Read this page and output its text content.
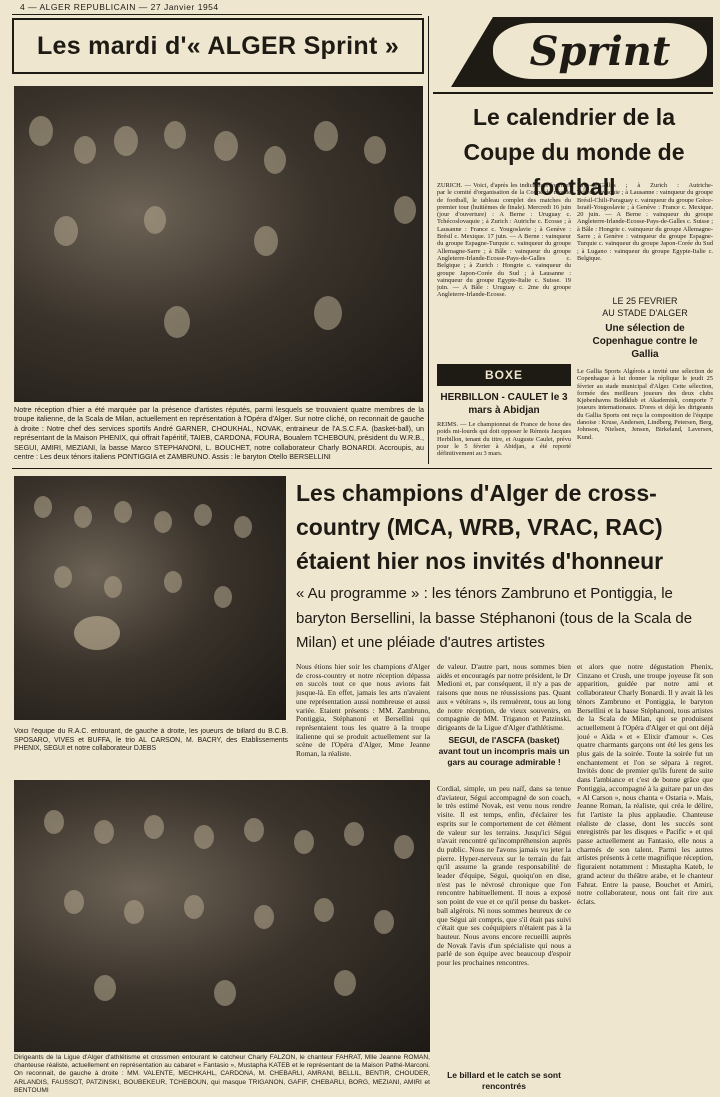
4 — ALGER REPUBLICAIN — 27 Janvier 1954
Les mardi d'« ALGER Sprint »
Notre réception d'hier a été marquée par la présence d'artistes réputés, parmi lesquels se trouvaient quatre membres de la troupe italienne, de la Scala de Milan, actuellement en représentation à l'Opéra d'Alger. Sur notre cliché, on reconnait de gauche à droite : Notre chef des services sportifs André GARNER, CHOUKHAL, NOVAK, entraineur de l'A.S.C.F.A. (basket-ball), un représentant de la Maison PHENIX, qui offrait l'apéritif, TAIEB, CARDONA, FOURA, Boualem TCHEBOUN, président du W.R.B., SEGUI, AMIRI, MEZIANI, la basse Marco STEPHANONI, L. BOUCHET, notre collaborateur Charly BONARDI. Accroupis, au centre : Les deux ténors italiens PONTIGGIA et ZAMBRUNO. Assis : le baryton Otello BERSELLINI
Sprint
Le calendrier de la Coupe du monde de football
ZURICH. — Voici, d'après les indications fournies par le comité d'organisation de la Coupe du monde de football, le tableau complet des matches du premier tour (huitièmes de finale). Mercredi 16 juin (jour d'ouverture) : A Berne : Uruguay c. Tchécoslovaquie ; à Zurich : Autriche c. Ecosse ; à Lausanne : France c. Yougoslavie ; à Genève : Brésil c. Mexique. 17 juin. — A Berne : vainqueur du groupe Espagne-Turquie c. vainqueur du groupe Allemagne-Sarre ; à Bâle : vainqueur du groupe Angleterre-Irlande-Ecosse-Pays-de-Galles c. Belgique ; à Zurich : Hongrie c. vainqueur du groupe Japon-Corée du Sud ; à Lausanne : vainqueur du groupe Egypte-Italie c. Suisse. 19 juin. — A Bâle : Uruguay c. 2me du groupe Angleterre-Irlande-Ecosse.
Pays-de-Galles ; à Zurich : Autriche-Tchécoslovaquie ; à Lausanne : vainqueur du groupe Brésil-Chili-Paraguay c. vainqueur du groupe Grèce-Israël-Yougoslavie ; à Genève : France c. Mexique. 20 juin. — A Berne : vainqueur du groupe Angleterre-Irlande-Ecosse-Pays-de-Galles c. Suisse ; à Bâle : Hongrie c. vainqueur du groupe Allemagne-Sarre ; à Genève : vainqueur du groupe Espagne-Turquie c. vainqueur du groupe Japon-Corée du Sud ; à Lugano : vainqueur du groupe Egypte-Italie c. Belgique.
LE 25 FEVRIER
AU STADE D'ALGER
Une sélection de Copenhague contre le Gallia
Le Gallia Sports Algérois a invité une sélection de Copenhague à lui donner la réplique le jeudi 25 février au stade municipal d'Alger. Cette sélection, formée des meilleurs joueurs des deux clubs Kjøbenhavns Boldklub et Akademisk, comporte 7 joueurs internationaux. D'ores et déjà les dirigeants du Gallia Sports ont reçu la composition de l'équipe danoise : Kruse, Andersen, Lindberg, Petersen, Berg, Johnson, Nielsen, Jensen, Birkeland, Laversen, Kund.
BOXE
HERBILLON - CAULET le 3 mars à Abidjan
REIMS. — Le championnat de France de boxe des poids mi-lourds qui doit opposer le Rémois Jacques Herbillon, tenant du titre, et Auguste Caulet, prévu pour le 5 février à Abidjan, a été reporté définitivement au 3 mars.
Voici l'équipe du R.A.C. entourant, de gauche à droite, les joueurs de billard du B.C.B. SPOSARO, VIVES et BUFFA, le trio AL CARSON, M. BACRY, des Etablissements PHENIX, SEGUI et notre collaborateur DJEBS
Les champions d'Alger de cross-country (MCA, WRB, VRAC, RAC) étaient hier nos invités d'honneur
« Au programme » : les ténors Zambruno et Pontiggia, le baryton Bersellini, la basse Stéphanoni (tous de la Scala de Milan) et une pléiade d'autres artistes
Nous étions hier soir les champions d'Alger de cross-country et notre réception dépassa en succès tout ce que nous avions fait jusque-là. En effet, jamais les arts n'avaient une représentation aussi nombreuse et aussi variée. Etaient présents : MM. Zambruno, Pontiggia, Stéphanoni et Bersellini qui représentaient tous les quatre à la troupe italienne qui se produit actuellement sur la scène de l'Opéra d'Alger, Mme Jeanne Roman, la réaliste.
de valeur. D'autre part, nous sommes bien aidés et encouragés par notre président, le Dr Medioni et, par conséquent, il n'y a pas de raisons que nous ne réussissions pas. Quant aux « vétérans », ils remuèrent, tous au long de notre réception, de vieux souvenirs, en compagnie de MM. Triganon et Patzinski, dirigeants de la Ligue d'Alger d'athlétisme.
SEGUI, de l'ASCFA (basket) avant tout un incompris mais un gars au courage admirable !
Cordial, simple, un peu naïf, dans sa tenue d'aviateur, Ségui accompagné de son coach, le très estimé Novak, est venu nous rendre visite. Il est temps, enfin, d'éclairer les esprits sur le comportement de cet élément de valeur sur les terrains. Jusqu'ici Ségui n'avait rencontré qu'incompréhension auprès du public. Nous ne l'avons jamais vu jeter la pierre. Hyper-nerveux sur le terrain du fait qu'il assume la grande responsabilité de leader d'équipe, Ségui, quoiqu'on en dise, n'est pas le névrosé chronique que l'on rencontre habituellement. Il nous a exposé son point de vue et ce qu'il pense du basket-ball algérois. Ni nous sommes heureux de ce que Ségui ait compris, que s'il était pas suivi c'était que ses coéquipiers n'étaient pas à la hauteur. Nous avons encore recueilli auprès de Novak l'avis d'un spécialiste qui nous a parlé de son équipe avec beaucoup d'espoir pour les prochaines rencontres.
Le billard et le catch se sont rencontrés
et alors que notre dégustation Phenix, Cinzano et Crush, une troupe joyeuse fit son apparition, guidée par notre ami et collaborateur Charly Bonardi. Il y avait là les ténors Zambruno et Pontiggia, le baryton Bersellini et la basse Stéphanoni, tous artistes de la Scala de Milan, qui se produisent actuellement à l'Opéra d'Alger et qui ont déjà joué « Aïda » et « Elixir d'amour ». Ces quatre charmants garçons ont été les gens les plus gais de la soirée. Toute la soirée fut un enchantement et l'on se sépara à regret. Invités donc de premier qu'ils furent de suite dans l'ambiance et c'est de bonne grâce que Pontiggia, accompagné à la guitare par un des « Al Carson », nous chanta « Ostaria ». Mais, Jeanne Roman, la réaliste, qui créa le délire, fut l'artiste la plus applaudie. Chanteuse réaliste de classe, dont les succès sont enregistrés par les disques « Pacific » et qui passe actuellement au Fantasio, elle nous a charmés de son talent. Parmi les autres artistes présents à cette magnifique réception, figuraient notamment : Mustapha Kateb, le grand acteur du théâtre arabe, et le chanteur Fahrat. Entre la pause, Bouchet et Amiri, notre collaborateur, nous ont fait rire aux éclats.
Dirigeants de la Ligue d'Alger d'athlétisme et crossmen entourant le catcheur Charly FALZON, le chanteur FAHRAT, Mlle Jeanne ROMAN, chanteuse réaliste, actuellement en représentation au cabaret « Fantasio », Mustapha KATEB et le représentant de la Maison Pathé-Marconi. On reconnait, de gauche à droite : MM. VALENTE, MECHKAHL, CARDONA, M. CHEBARLI, AMRANI, BELLIL, BENTIR, CHOUDER, ARLANDIS, FAUSSOT, PATZINSKI, BOUBEKEUR, TCHEBOUN, qui masque TRIGANON, GAFIF, CHEBARLI, BORG, MEZIANI, AMIRI et BENTOUMI
